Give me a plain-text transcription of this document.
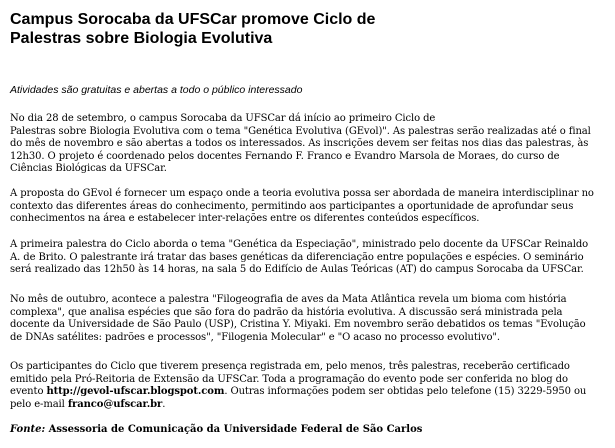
Campus Sorocaba da UFSCar promove Ciclo de
Palestras sobre Biologia Evolutiva

Atividades são gratuitas e abertas a todo o público interessado

No dia 28 de setembro, o campus Sorocaba da UFSCar dá início ao primeiro Ciclo de
Palestras sobre Biologia Evolutiva com o tema "Genética Evolutiva (GEvol)". As palestras serão realizadas até o final
do mês de novembro e são abertas a todos os interessados. As inscrições devem ser feitas nos dias das palestras, às
12h30. O projeto é coordenado pelos docentes Fernando F. Franco e Evandro Marsola de Moraes, do curso de
Ciências Biológicas da UFSCar.

A proposta do GEvol é fornecer um espaço onde a teoria evolutiva possa ser abordada de maneira interdisciplinar no
contexto das diferentes áreas do conhecimento, permitindo aos participantes a oportunidade de aprofundar seus
conhecimentos na área e estabelecer inter-relações entre os diferentes conteúdos específicos.

A primeira palestra do Ciclo aborda o tema "Genética da Especiação", ministrado pelo docente da UFSCar Reinaldo
A. de Brito. O palestrante irá tratar das bases genéticas da diferenciação entre populações e espécies. O seminário
será realizado das 12h50 às 14 horas, na sala 5 do Edifício de Aulas Teóricas (AT) do campus Sorocaba da UFSCar.

No mês de outubro, acontece a palestra "Filogeografia de aves da Mata Atlântica revela um bioma com história
complexa", que analisa espécies que são fora do padrão da história evolutiva. A discussão será ministrada pela
docente da Universidade de São Paulo (USP), Cristina Y. Miyaki. Em novembro serão debatidos os temas "Evolução
de DNAs satélites: padrões e processos", "Filogenia Molecular" e "O acaso no processo evolutivo".

Os participantes do Ciclo que tiverem presença registrada em, pelo menos, três palestras, receberão certificado
emitido pela Pró-Reitoria de Extensão da UFSCar. Toda a programação do evento pode ser conferida no blog do
evento http://gevol-ufscar.blogspot.com. Outras informações podem ser obtidas pelo telefone (15) 3229-5950 ou
pelo e-mail franco@ufscar.br.

Fonte: Assessoria de Comunicação da Universidade Federal de São Carlos
